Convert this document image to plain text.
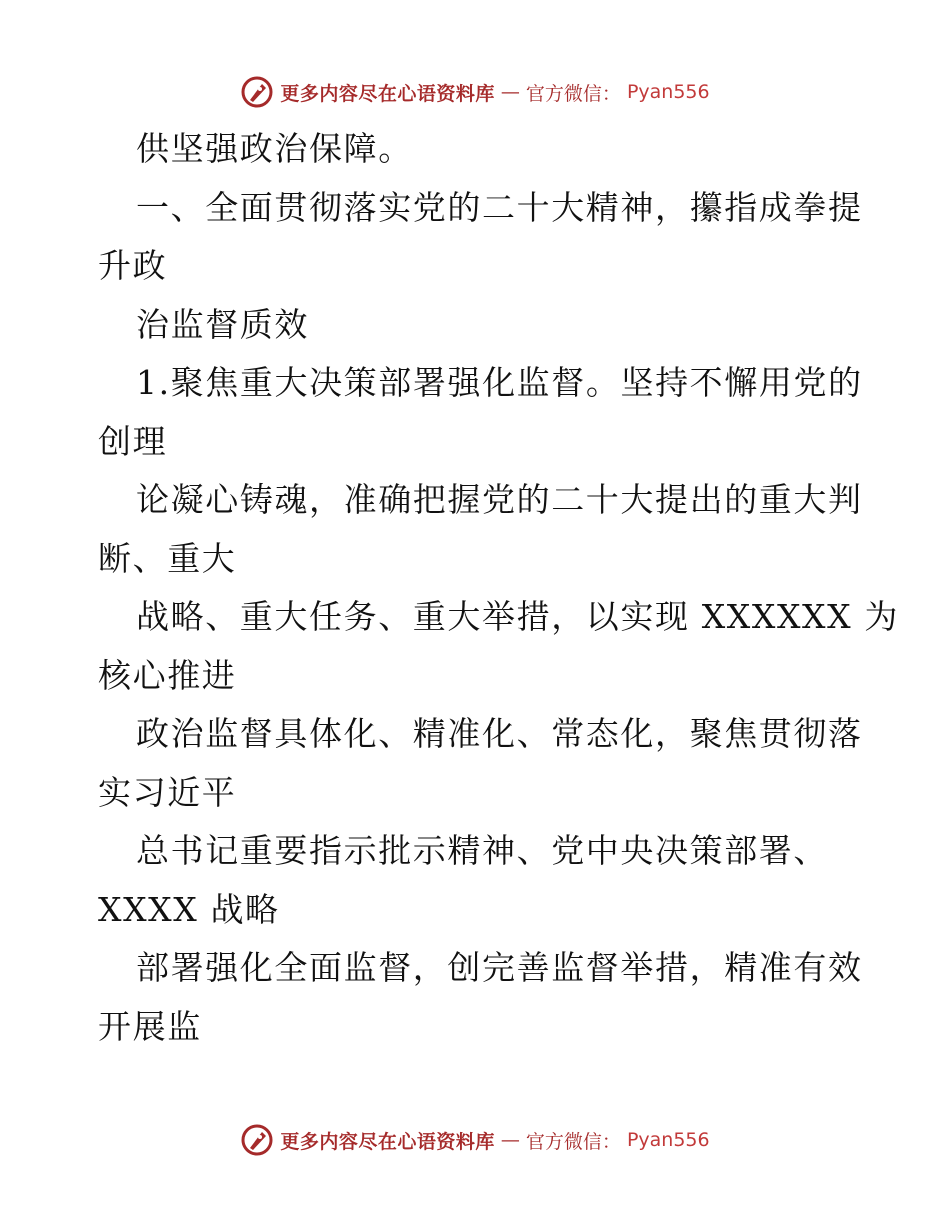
更多内容尽在心语资料库 — 官方微信： Pyan556
供坚强政治保障。
一、全面贯彻落实党的二十大精神，攥指成拳提
升政
治监督质效
1.聚焦重大决策部署强化监督。坚持不懈用党的
创理
论凝心铸魂，准确把握党的二十大提出的重大判
断、重大
战略、重大任务、重大举措，以实现 XXXXXX 为
核心推进
政治监督具体化、精准化、常态化，聚焦贯彻落
实习近平
总书记重要指示批示精神、党中央决策部署、
XXXX 战略
部署强化全面监督，创完善监督举措，精准有效
开展监
更多内容尽在心语资料库 — 官方微信： Pyan556
